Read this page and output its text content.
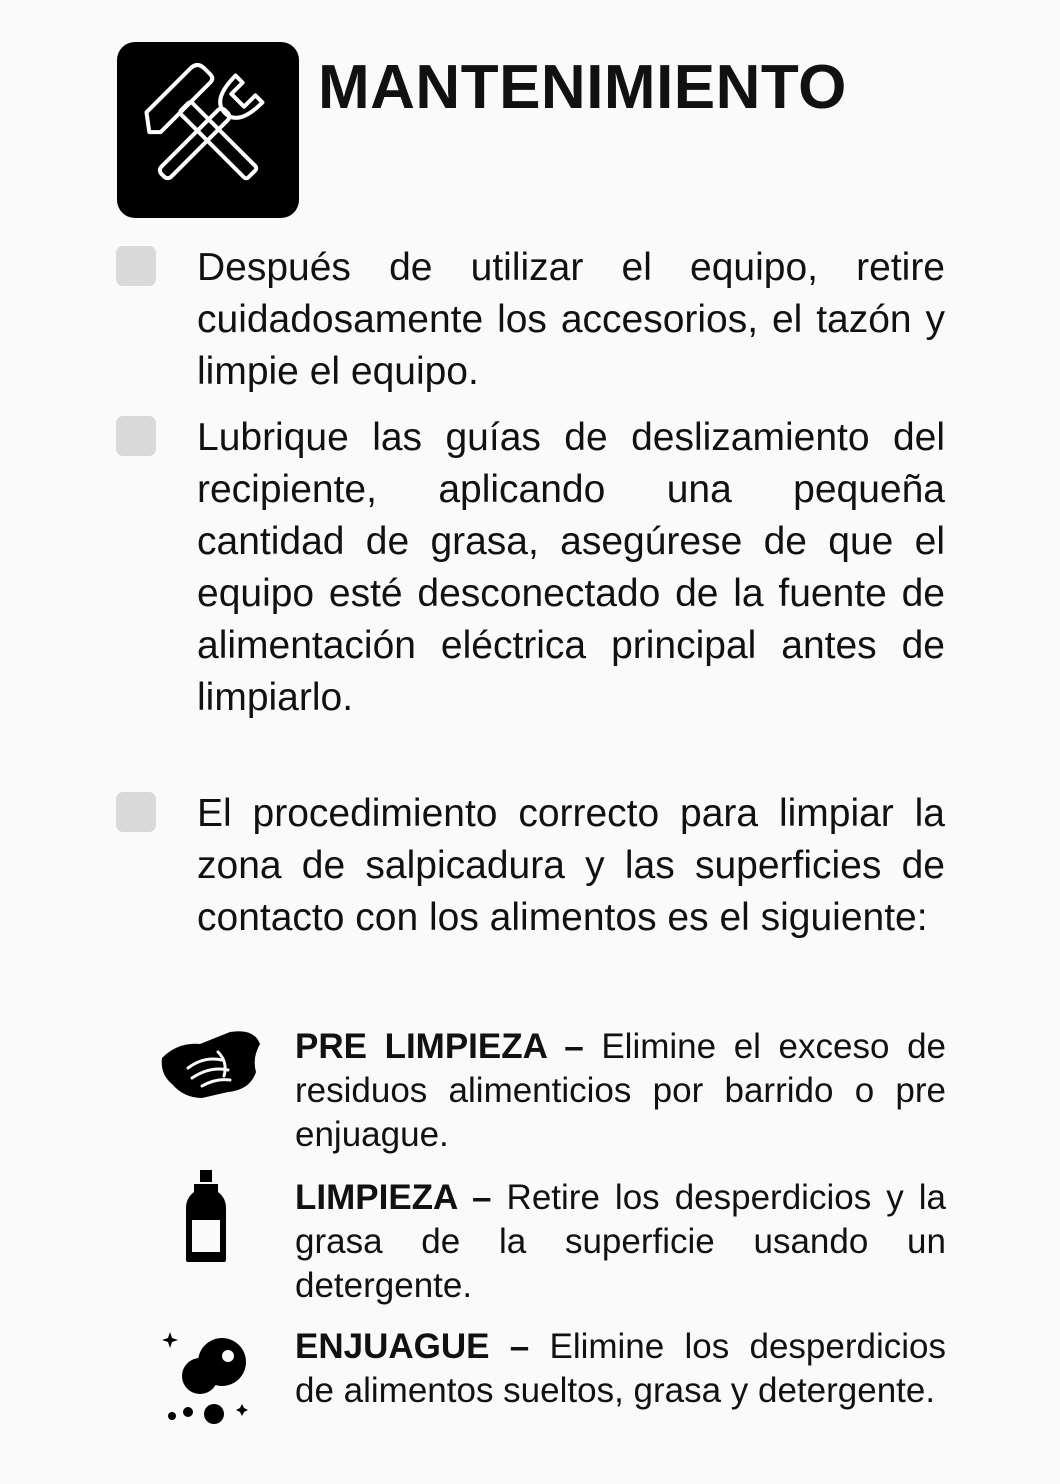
MANTENIMIENTO

Después de utilizar el equipo, retire cuidadosamente los accesorios, el tazón y limpie el equipo.

Lubrique las guías de deslizamiento del recipiente, aplicando una pequeña cantidad de grasa, asegúrese de que el equipo esté desconectado de la fuente de alimentación eléctrica principal antes de limpiarlo.

El procedimiento correcto para limpiar la zona de salpicadura y las superficies de contacto con los alimentos es el siguiente:

PRE LIMPIEZA – Elimine el exceso de residuos alimenticios por barrido o pre enjuague.

LIMPIEZA – Retire los desperdicios y la grasa de la superficie usando un detergente.

ENJUAGUE – Elimine los desperdicios de alimentos sueltos, grasa y detergente.
